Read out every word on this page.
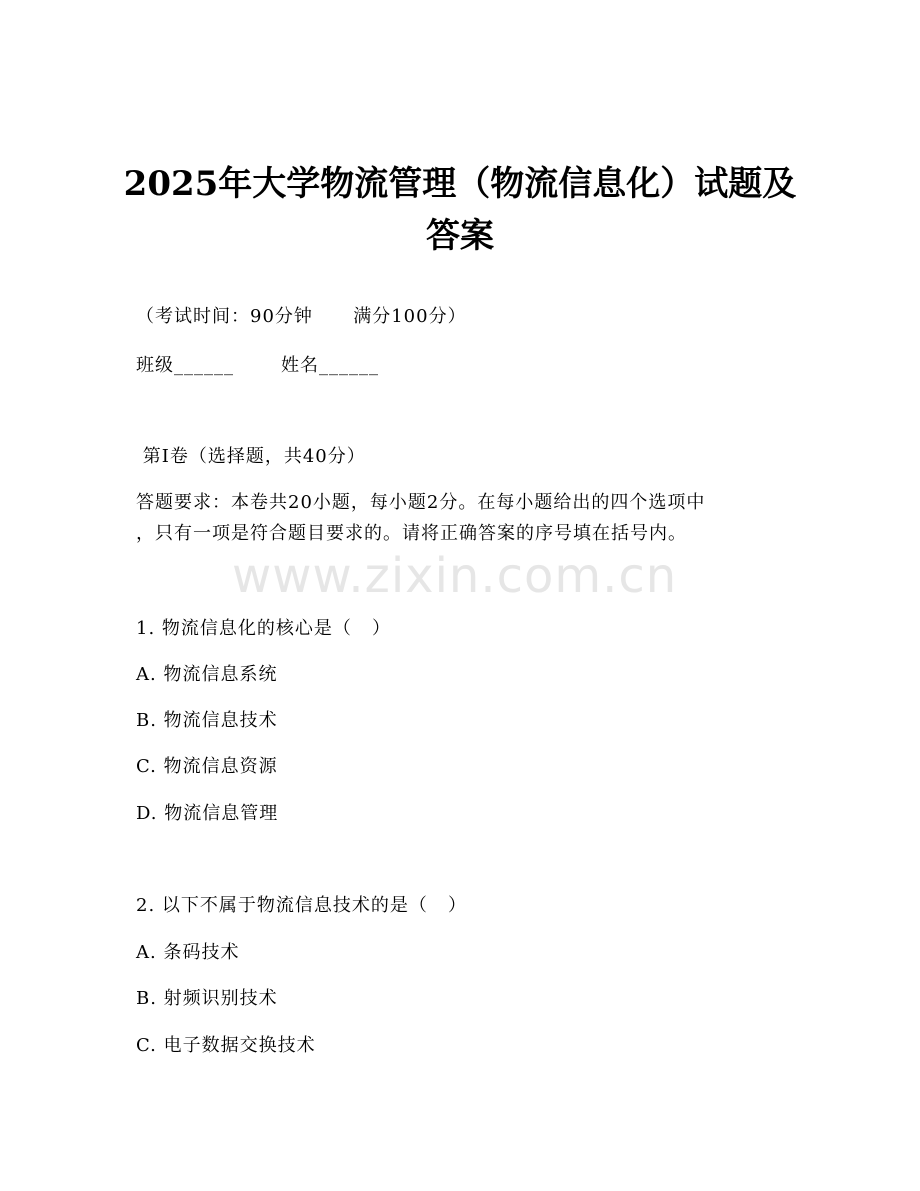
2025年大学物流管理（物流信息化）试题及
答案
（考试时间：90分钟      满分100分）
班级______       姓名______
第Ⅰ卷（选择题，共40分）
答题要求：本卷共20小题，每小题2分。在每小题给出的四个选项中
，只有一项是符合题目要求的。请将正确答案的序号填在括号内。
www.zixin.com.cn
1. 物流信息化的核心是（   ）
A. 物流信息系统
B. 物流信息技术
C. 物流信息资源
D. 物流信息管理
2. 以下不属于物流信息技术的是（   ）
A. 条码技术
B. 射频识别技术
C. 电子数据交换技术
